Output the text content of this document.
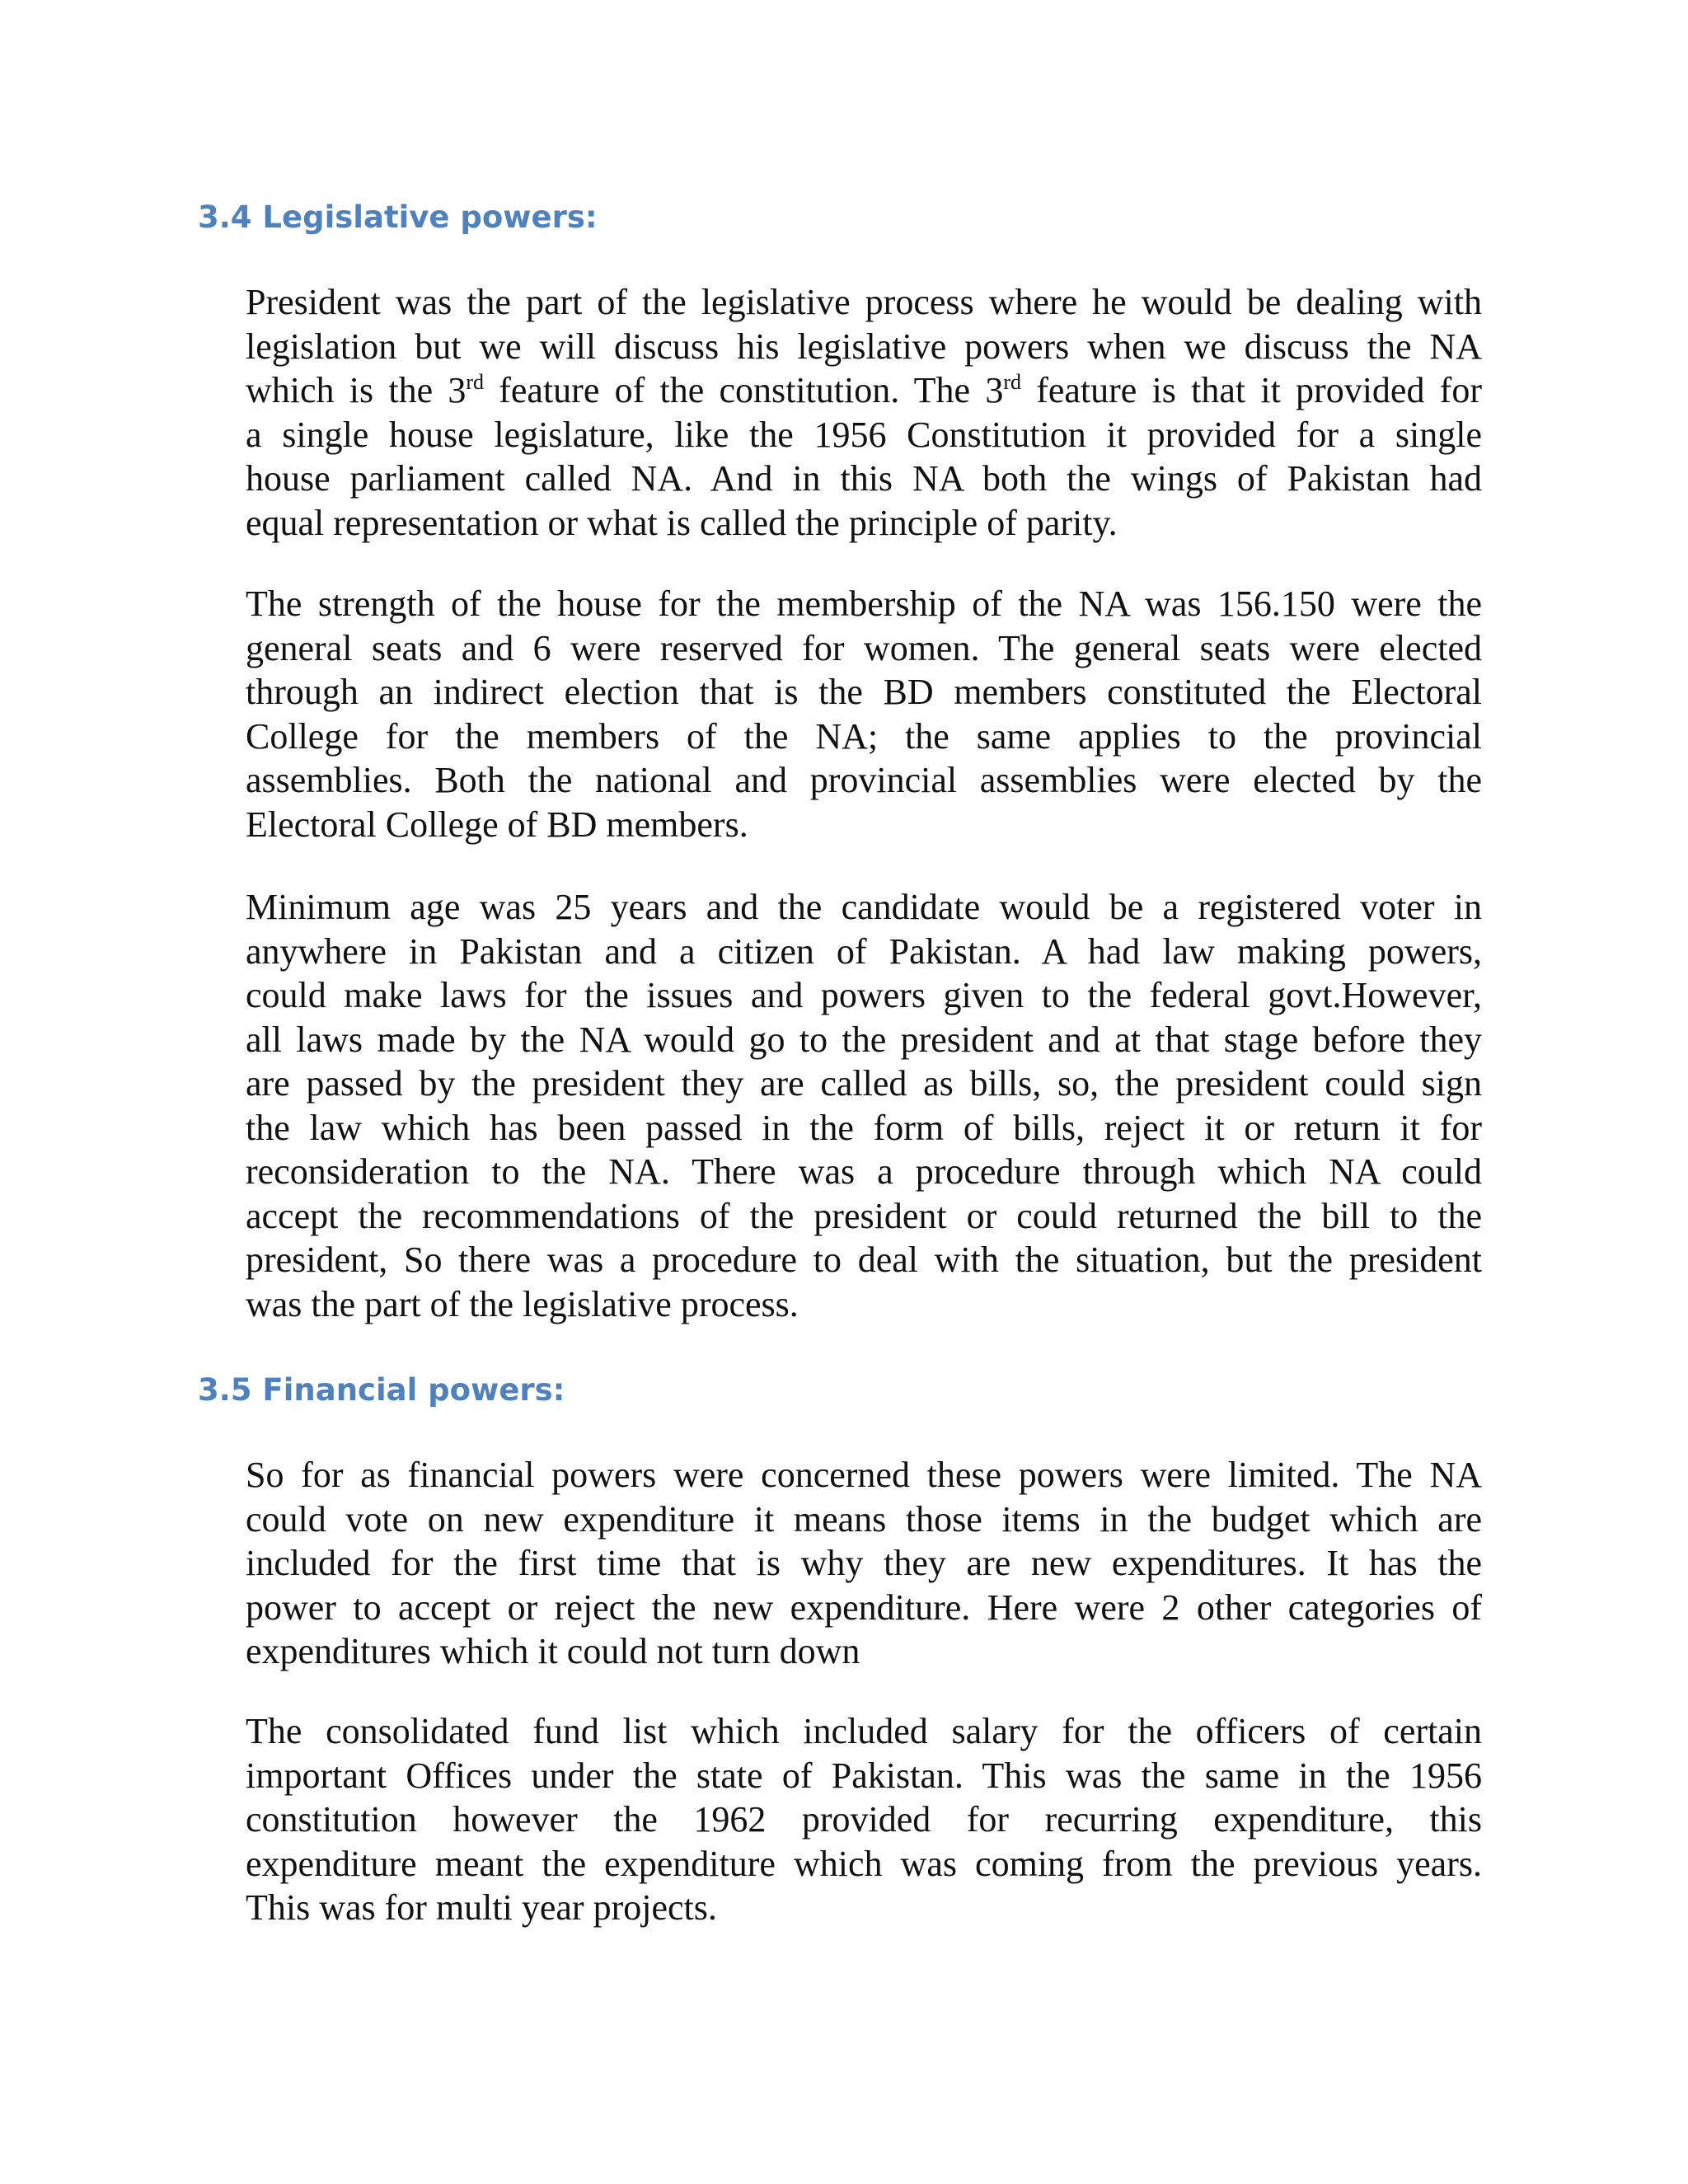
3.4 Legislative powers:

President was the part of the legislative process where he would be dealing with
legislation but we will discuss his legislative powers when we discuss the NA
which is the 3rd feature of the constitution. The 3rd feature is that it provided for
a single house legislature, like the 1956 Constitution it provided for a single
house parliament called NA. And in this NA both the wings of Pakistan had
equal representation or what is called the principle of parity.

The strength of the house for the membership of the NA was 156.150 were the
general seats and 6 were reserved for women. The general seats were elected
through an indirect election that is the BD members constituted the Electoral
College for the members of the NA; the same applies to the provincial
assemblies. Both the national and provincial assemblies were elected by the
Electoral College of BD members.

Minimum age was 25 years and the candidate would be a registered voter in
anywhere in Pakistan and a citizen of Pakistan. A had law making powers,
could make laws for the issues and powers given to the federal govt.However,
all laws made by the NA would go to the president and at that stage before they
are passed by the president they are called as bills, so, the president could sign
the law which has been passed in the form of bills, reject it or return it for
reconsideration to the NA. There was a procedure through which NA could
accept the recommendations of the president or could returned the bill to the
president, So there was a procedure to deal with the situation, but the president
was the part of the legislative process.

3.5 Financial powers:

So for as financial powers were concerned these powers were limited. The NA
could vote on new expenditure it means those items in the budget which are
included for the first time that is why they are new expenditures. It has the
power to accept or reject the new expenditure. Here were 2 other categories of
expenditures which it could not turn down

The consolidated fund list which included salary for the officers of certain
important Offices under the state of Pakistan. This was the same in the 1956
constitution however the 1962 provided for recurring expenditure, this
expenditure meant the expenditure which was coming from the previous years.
This was for multi year projects.
